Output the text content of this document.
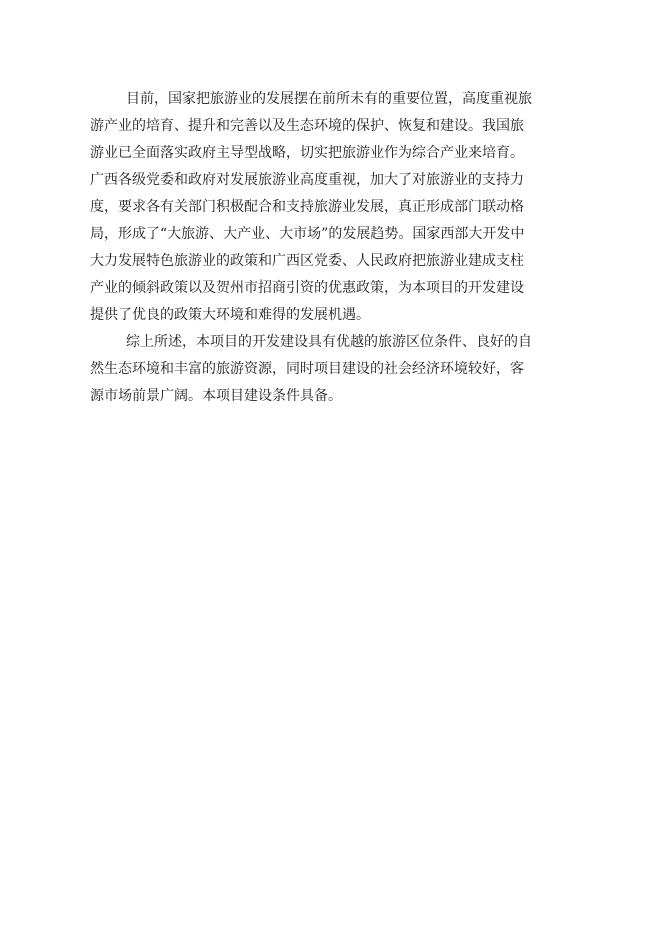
目前，国家把旅游业的发展摆在前所未有的重要位置，高度重视旅
游产业的培育、提升和完善以及生态环境的保护、恢复和建设。我国旅
游业已全面落实政府主导型战略，切实把旅游业作为综合产业来培育。
广西各级党委和政府对发展旅游业高度重视，加大了对旅游业的支持力
度，要求各有关部门积极配合和支持旅游业发展，真正形成部门联动格
局，形成了“大旅游、大产业、大市场”的发展趋势。国家西部大开发中
大力发展特色旅游业的政策和广西区党委、人民政府把旅游业建成支柱
产业的倾斜政策以及贺州市招商引资的优惠政策，为本项目的开发建设
提供了优良的政策大环境和难得的发展机遇。

综上所述，本项目的开发建设具有优越的旅游区位条件、良好的自
然生态环境和丰富的旅游资源，同时项目建设的社会经济环境较好，客
源市场前景广阔。本项目建设条件具备。
